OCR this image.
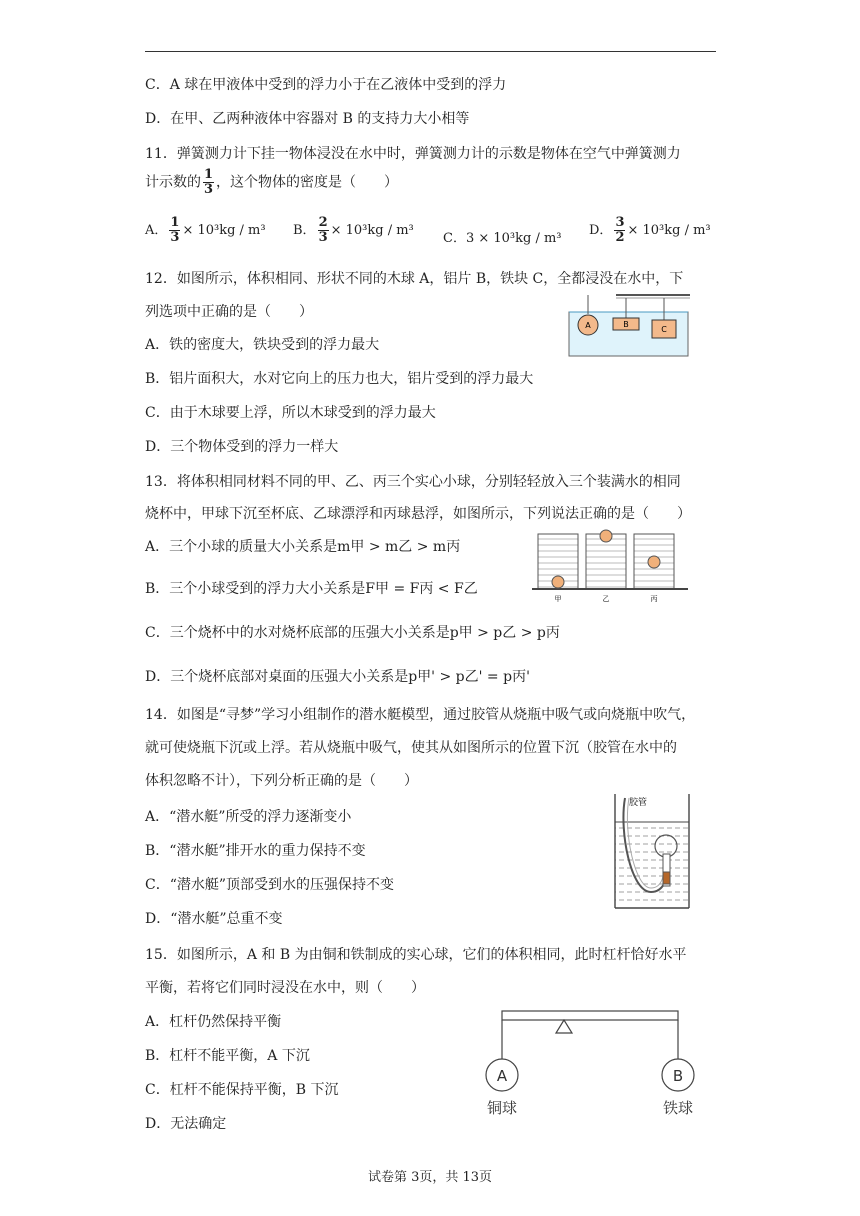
C．A 球在甲液体中受到的浮力小于在乙液体中受到的浮力
D．在甲、乙两种液体中容器对 B 的支持力大小相等
11．弹簧测力计下挂一物体浸没在水中时，弹簧测力计的示数是物体在空气中弹簧测力
计示数的 $\frac{1}{3}$ ，这个物体的密度是（　　）
A． $\frac{1}{3} \times 10^3kg / m^3$ B． $\frac{2}{3} \times 10^3kg / m^3$
C．3 × 10³kg / m³
D． $\frac{3}{2} \times 10^3kg / m^3$
12．如图所示，体积相同、形状不同的木球 A，铝片 B，铁块 C，全都浸没在水中，下
列选项中正确的是（　　）
A．铁的密度大，铁块受到的浮力最大
B．铝片面积大，水对它向上的压力也大，铝片受到的浮力最大
C．由于木球要上浮，所以木球受到的浮力最大
D．三个物体受到的浮力一样大
A	B
C
13．将体积相同材料不同的甲、乙、丙三个实心小球，分别轻轻放入三个装满水的相同
烧杯中，甲球下沉至杯底、乙球漂浮和丙球悬浮，如图所示，下列说法正确的是（　　）
A．三个小球的质量大小关系是m甲 > m乙 > m丙
B．三个小球受到的浮力大小关系是F甲 = F丙 < F乙
C．三个烧杯中的水对烧杯底部的压强大小关系是p甲 > p乙 > p丙
D．三个烧杯底部对桌面的压强大小关系是p甲' > p乙' = p丙'
甲	乙	丙
14．如图是“寻梦”学习小组制作的潜水艇模型，通过胶管从烧瓶中吸气或向烧瓶中吹气，
就可使烧瓶下沉或上浮。若从烧瓶中吸气，使其从如图所示的位置下沉（胶管在水中的
体积忽略不计），下列分析正确的是（　　）
A．“潜水艇”所受的浮力逐渐变小
B．“潜水艇”排开水的重力保持不变
C．“潜水艇”顶部受到水的压强保持不变
D．“潜水艇”总重不变
胶管
15．如图所示，A 和 B 为由铜和铁制成的实心球，它们的体积相同，此时杠杆恰好水平
平衡，若将它们同时浸没在水中，则（　　）
A．杠杆仍然保持平衡
B．杠杆不能平衡，A 下沉
C．杠杆不能保持平衡，B 下沉
D．无法确定
A	B
铜球	铁球
试卷第 3页，共 13页
